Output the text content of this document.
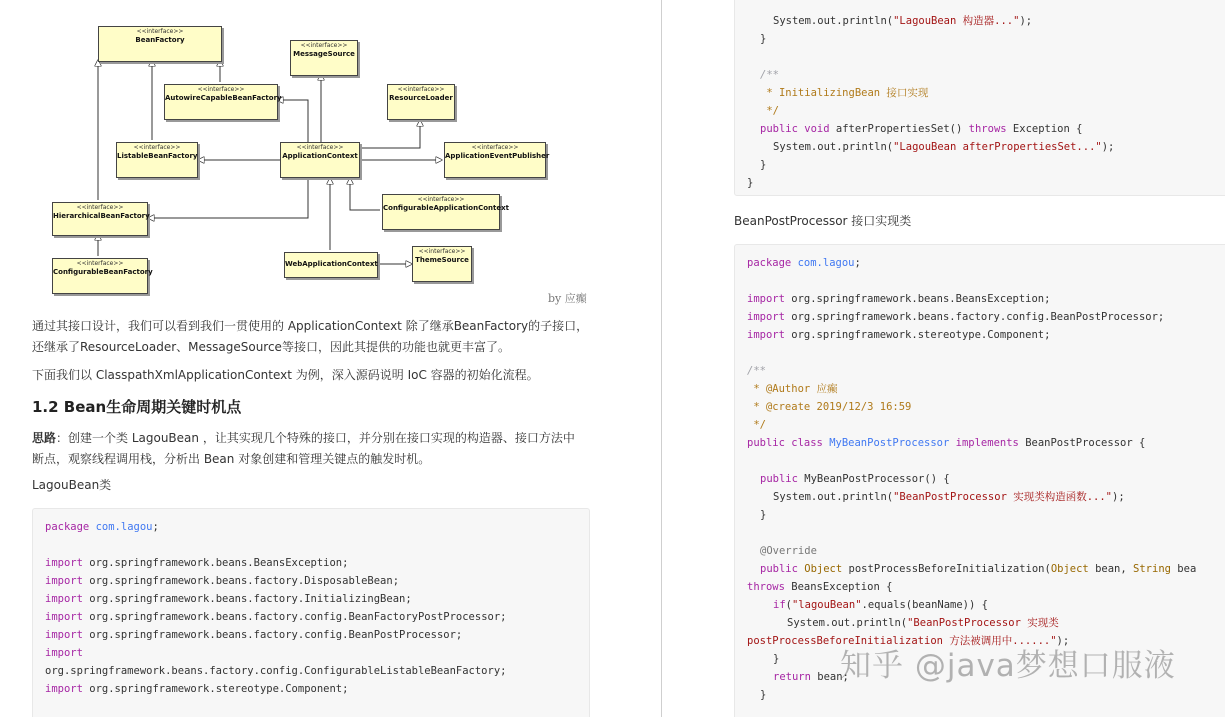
<<interface>>
BeanFactory
<<interface>>
MessageSource
<<interface>>
AutowireCapableBeanFactory
<<interface>>
ResourceLoader
<<interface>>
ListableBeanFactory
<<interface>>
ApplicationContext
<<interface>>
ApplicationEventPublisher
<<interface>>
HierarchicalBeanFactory
<<interface>>
ConfigurableApplicationContext
<<interface>>
ConfigurableBeanFactory
WebApplicationContext
<<interface>>
ThemeSource
by 应癫
通过其接口设计，我们可以看到我们一贯使用的 ApplicationContext 除了继承BeanFactory的子接口，
还继承了ResourceLoader、MessageSource等接口，因此其提供的功能也就更丰富了。
下面我们以 ClasspathXmlApplicationContext 为例，深入源码说明 IoC 容器的初始化流程。
1.2 Bean生命周期关键时机点
思路：创建一个类 LagouBean ，让其实现几个特殊的接口，并分别在接口实现的构造器、接口方法中
断点，观察线程调用栈，分析出 Bean 对象创建和管理关键点的触发时机。
LagouBean类
package com.lagou;
import org.springframework.beans.BeansException;
import org.springframework.beans.factory.DisposableBean;
import org.springframework.beans.factory.InitializingBean;
import org.springframework.beans.factory.config.BeanFactoryPostProcessor;
import org.springframework.beans.factory.config.BeanPostProcessor;
import
org.springframework.beans.factory.config.ConfigurableListableBeanFactory;
import org.springframework.stereotype.Component;
System.out.println("LagouBean 构造器...");
}
/**
* InitializingBean 接口实现
*/
public void afterPropertiesSet() throws Exception {
System.out.println("LagouBean afterPropertiesSet...");
}
}
package com.lagou;
import org.springframework.beans.BeansException;
import org.springframework.beans.factory.config.BeanPostProcessor;
import org.springframework.stereotype.Component;
/**
* @Author 应癫
* @create 2019/12/3 16:59
*/
public class MyBeanPostProcessor implements BeanPostProcessor {
public MyBeanPostProcessor() {
System.out.println("BeanPostProcessor 实现类构造函数...");
}
@Override
public Object postProcessBeforeInitialization(Object bean, String bea
throws BeansException {
if("lagouBean".equals(beanName)) {
System.out.println("BeanPostProcessor 实现类
postProcessBeforeInitialization 方法被调用中......");
}
return bean;
}
BeanPostProcessor 接口实现类
知乎 @java梦想口服液
